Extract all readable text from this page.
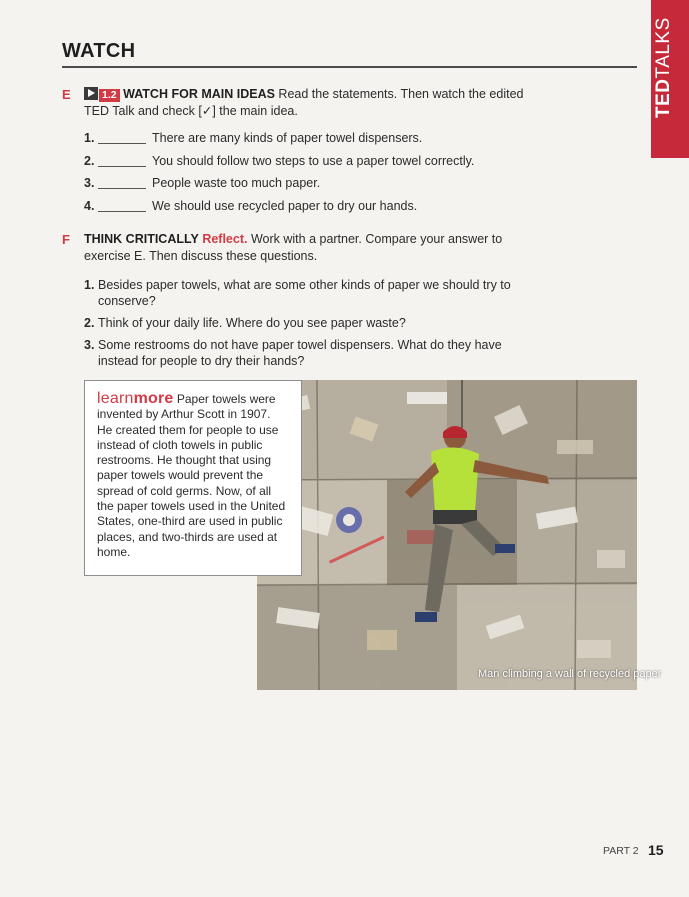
TEDTALKS
WATCH
E	1.2 WATCH FOR MAIN IDEAS Read the statements. Then watch the edited TED Talk and check [✓] the main idea.
1.	There are many kinds of paper towel dispensers.
2.	You should follow two steps to use a paper towel correctly.
3.	People waste too much paper.
4.	We should use recycled paper to dry our hands.
F THINK CRITICALLY Reflect. Work with a partner. Compare your answer to exercise E. Then discuss these questions.
1. Besides paper towels, what are some other kinds of paper we should try to conserve?
2. Think of your daily life. Where do you see paper waste?
3. Some restrooms do not have paper towel dispensers. What do they have instead for people to dry their hands?
Man climbing a wall of recycled paper
learnmore Paper towels were invented by Arthur Scott in 1907. He created them for people to use instead of cloth towels in public restrooms. He thought that using paper towels would prevent the spread of cold germs. Now, of all the paper towels used in the United States, one-third are used in public places, and two-thirds are used at home.
PART 2 15
